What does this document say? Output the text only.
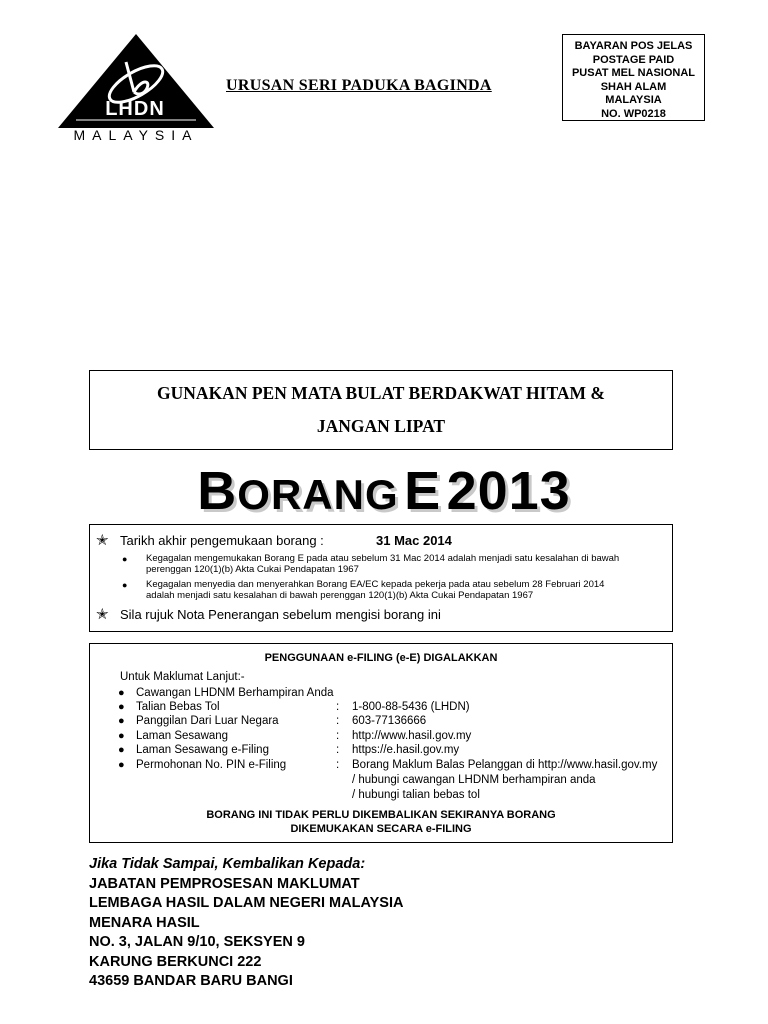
LHDN
MALAYSIA
URUSAN SERI PADUKA BAGINDA
BAYARAN POS JELAS
POSTAGE PAID
PUSAT MEL NASIONAL
SHAH ALAM
MALAYSIA
NO. WP0218
GUNAKAN PEN MATA BULAT BERDAKWAT HITAM &
JANGAN LIPAT
BORANG E 2013
✭ Tarikh akhir pengemukaan borang :	31 Mac 2014
● Kegagalan mengemukakan Borang E pada atau sebelum 31 Mac 2014 adalah menjadi satu kesalahan di bawah
perenggan 120(1)(b) Akta Cukai Pendapatan 1967
● Kegagalan menyedia dan menyerahkan Borang EA/EC kepada pekerja pada atau sebelum 28 Februari 2014
adalah menjadi satu kesalahan di bawah perenggan 120(1)(b) Akta Cukai Pendapatan 1967
✭ Sila rujuk Nota Penerangan sebelum mengisi borang ini
PENGGUNAAN e-FILING (e-E) DIGALAKKAN
Untuk Maklumat Lanjut:-
● Cawangan LHDNM Berhampiran Anda
● Talian Bebas Tol	: 1-800-88-5436 (LHDN)
● Panggilan Dari Luar Negara	: 603-77136666
● Laman Sesawang	: http://www.hasil.gov.my
● Laman Sesawang e-Filing	: https://e.hasil.gov.my
● Permohonan No. PIN e-Filing	: Borang Maklum Balas Pelanggan di http://www.hasil.gov.my
/ hubungi cawangan LHDNM berhampiran anda
/ hubungi talian bebas tol
BORANG INI TIDAK PERLU DIKEMBALIKAN SEKIRANYA BORANG
DIKEMUKAKAN SECARA e-FILING
Jika Tidak Sampai, Kembalikan Kepada:
JABATAN PEMPROSESAN MAKLUMAT
LEMBAGA HASIL DALAM NEGERI MALAYSIA
MENARA HASIL
NO. 3, JALAN 9/10, SEKSYEN 9
KARUNG BERKUNCI 222
43659 BANDAR BARU BANGI
